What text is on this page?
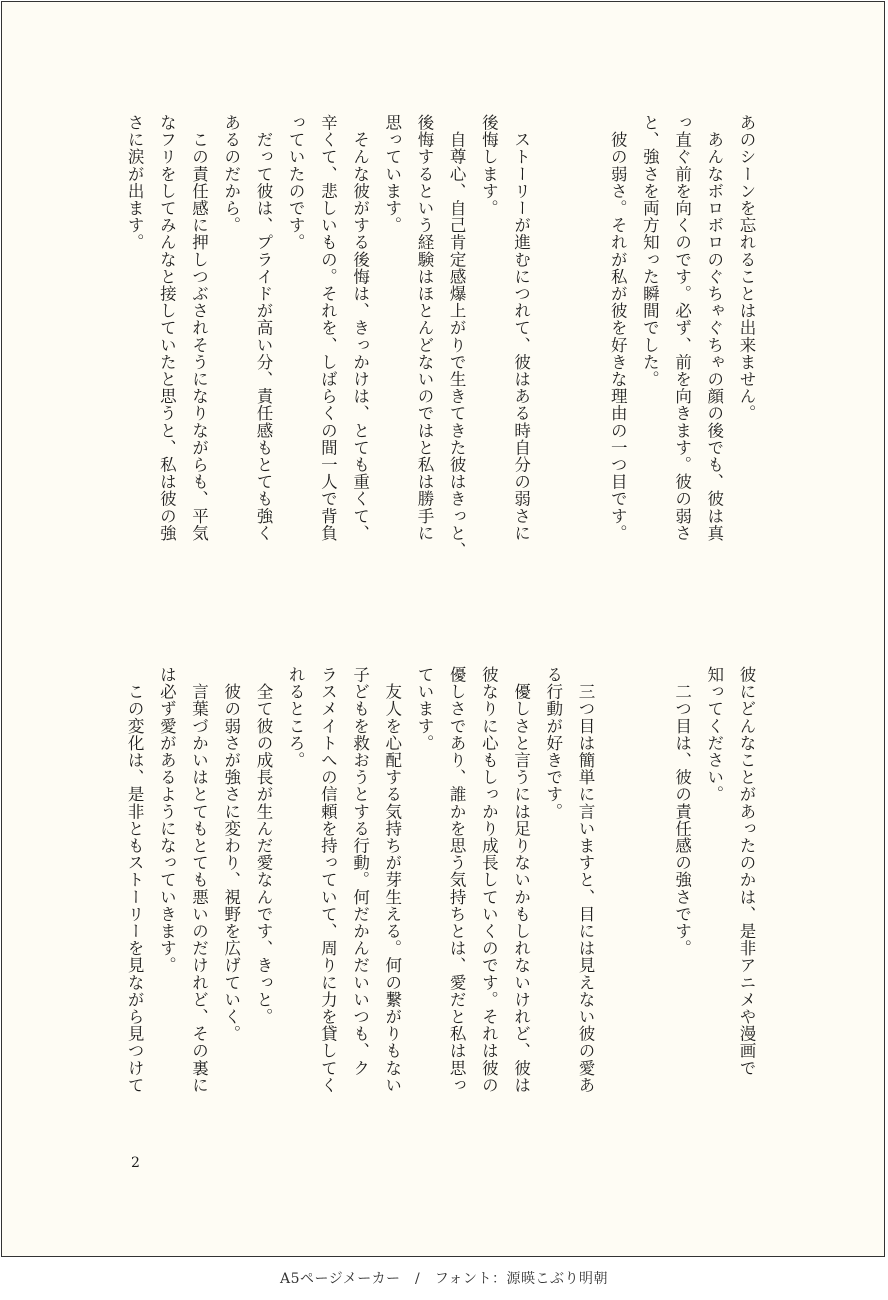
あのシーンを忘れることは出来ません。
　あんなボロボロのぐちゃぐちゃの顔の後でも、彼は真
っ直ぐ前を向くのです。必ず、前を向きます。彼の弱さ
と、強さを両方知った瞬間でした。
　彼の弱さ。それが私が彼を好きな理由の一つ目です。
　ストーリーが進むにつれて、彼はある時自分の弱さに
後悔します。
　自尊心、自己肯定感爆上がりで生きてきた彼はきっと、
後悔するという経験はほとんどないのではと私は勝手に
思っています。
　そんな彼がする後悔は、きっかけは、とても重くて、
辛くて、悲しいもの。それを、しばらくの間一人で背負
っていたのです。
　だって彼は、プライドが高い分、責任感もとても強く
あるのだから。
　この責任感に押しつぶされそうになりながらも、平気
なフリをしてみんなと接していたと思うと、私は彼の強
さに涙が出ます。
彼にどんなことがあったのかは、是非アニメや漫画で
知ってください。
　二つ目は、彼の責任感の強さです。
　三つ目は簡単に言いますと、目には見えない彼の愛あ
る行動が好きです。
　優しさと言うには足りないかもしれないけれど、彼は
彼なりに心もしっかり成長していくのです。それは彼の
優しさであり、誰かを思う気持ちとは、愛だと私は思っ
ています。
　友人を心配する気持ちが芽生える。何の繋がりもない
子どもを救おうとする行動。何だかんだいいつも、ク
ラスメイトへの信頼を持っていて、周りに力を貸してく
れるところ。
　全て彼の成長が生んだ愛なんです、きっと。
　彼の弱さが強さに変わり、視野を広げていく。
　言葉づかいはとてもとても悪いのだけれど、その裏に
は必ず愛があるようになっていきます。
　この変化は、是非ともストーリーを見ながら見つけて
2
A5ページメーカー　/　フォント：源暎こぶり明朝
